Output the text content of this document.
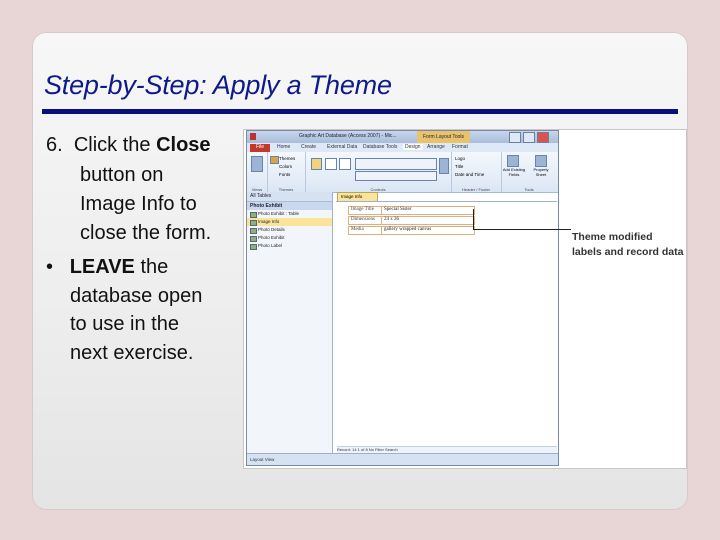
Step-by-Step: Apply a Theme
6. Click the Close
button on
Image Info to
close the form.
• LEAVE the
database open
to use in the
next exercise.
Graphic Art Database (Access 2007) - Mic...	Form Layout Tools
File	Home Create External Data Database Tools	Design	Arrange Format
Views
Themes
Colors
Fonts
Themes	Controls
Logo
Title
Date and Time
Header / Footer
Add Existing Fields
Property Sheet
Tools
All Tables
Photo Exhibit
Photo Exhibit : Table
Image Info
Photo Details
Photo Exhibit
Photo Label
Image Info
Image Title	Special Sister
Dimensions	24 x 36
Media	gallery wrapped canvas
Record: 14 1 of 8 No Filter Search
Layout View
Theme modified
labels and record data
